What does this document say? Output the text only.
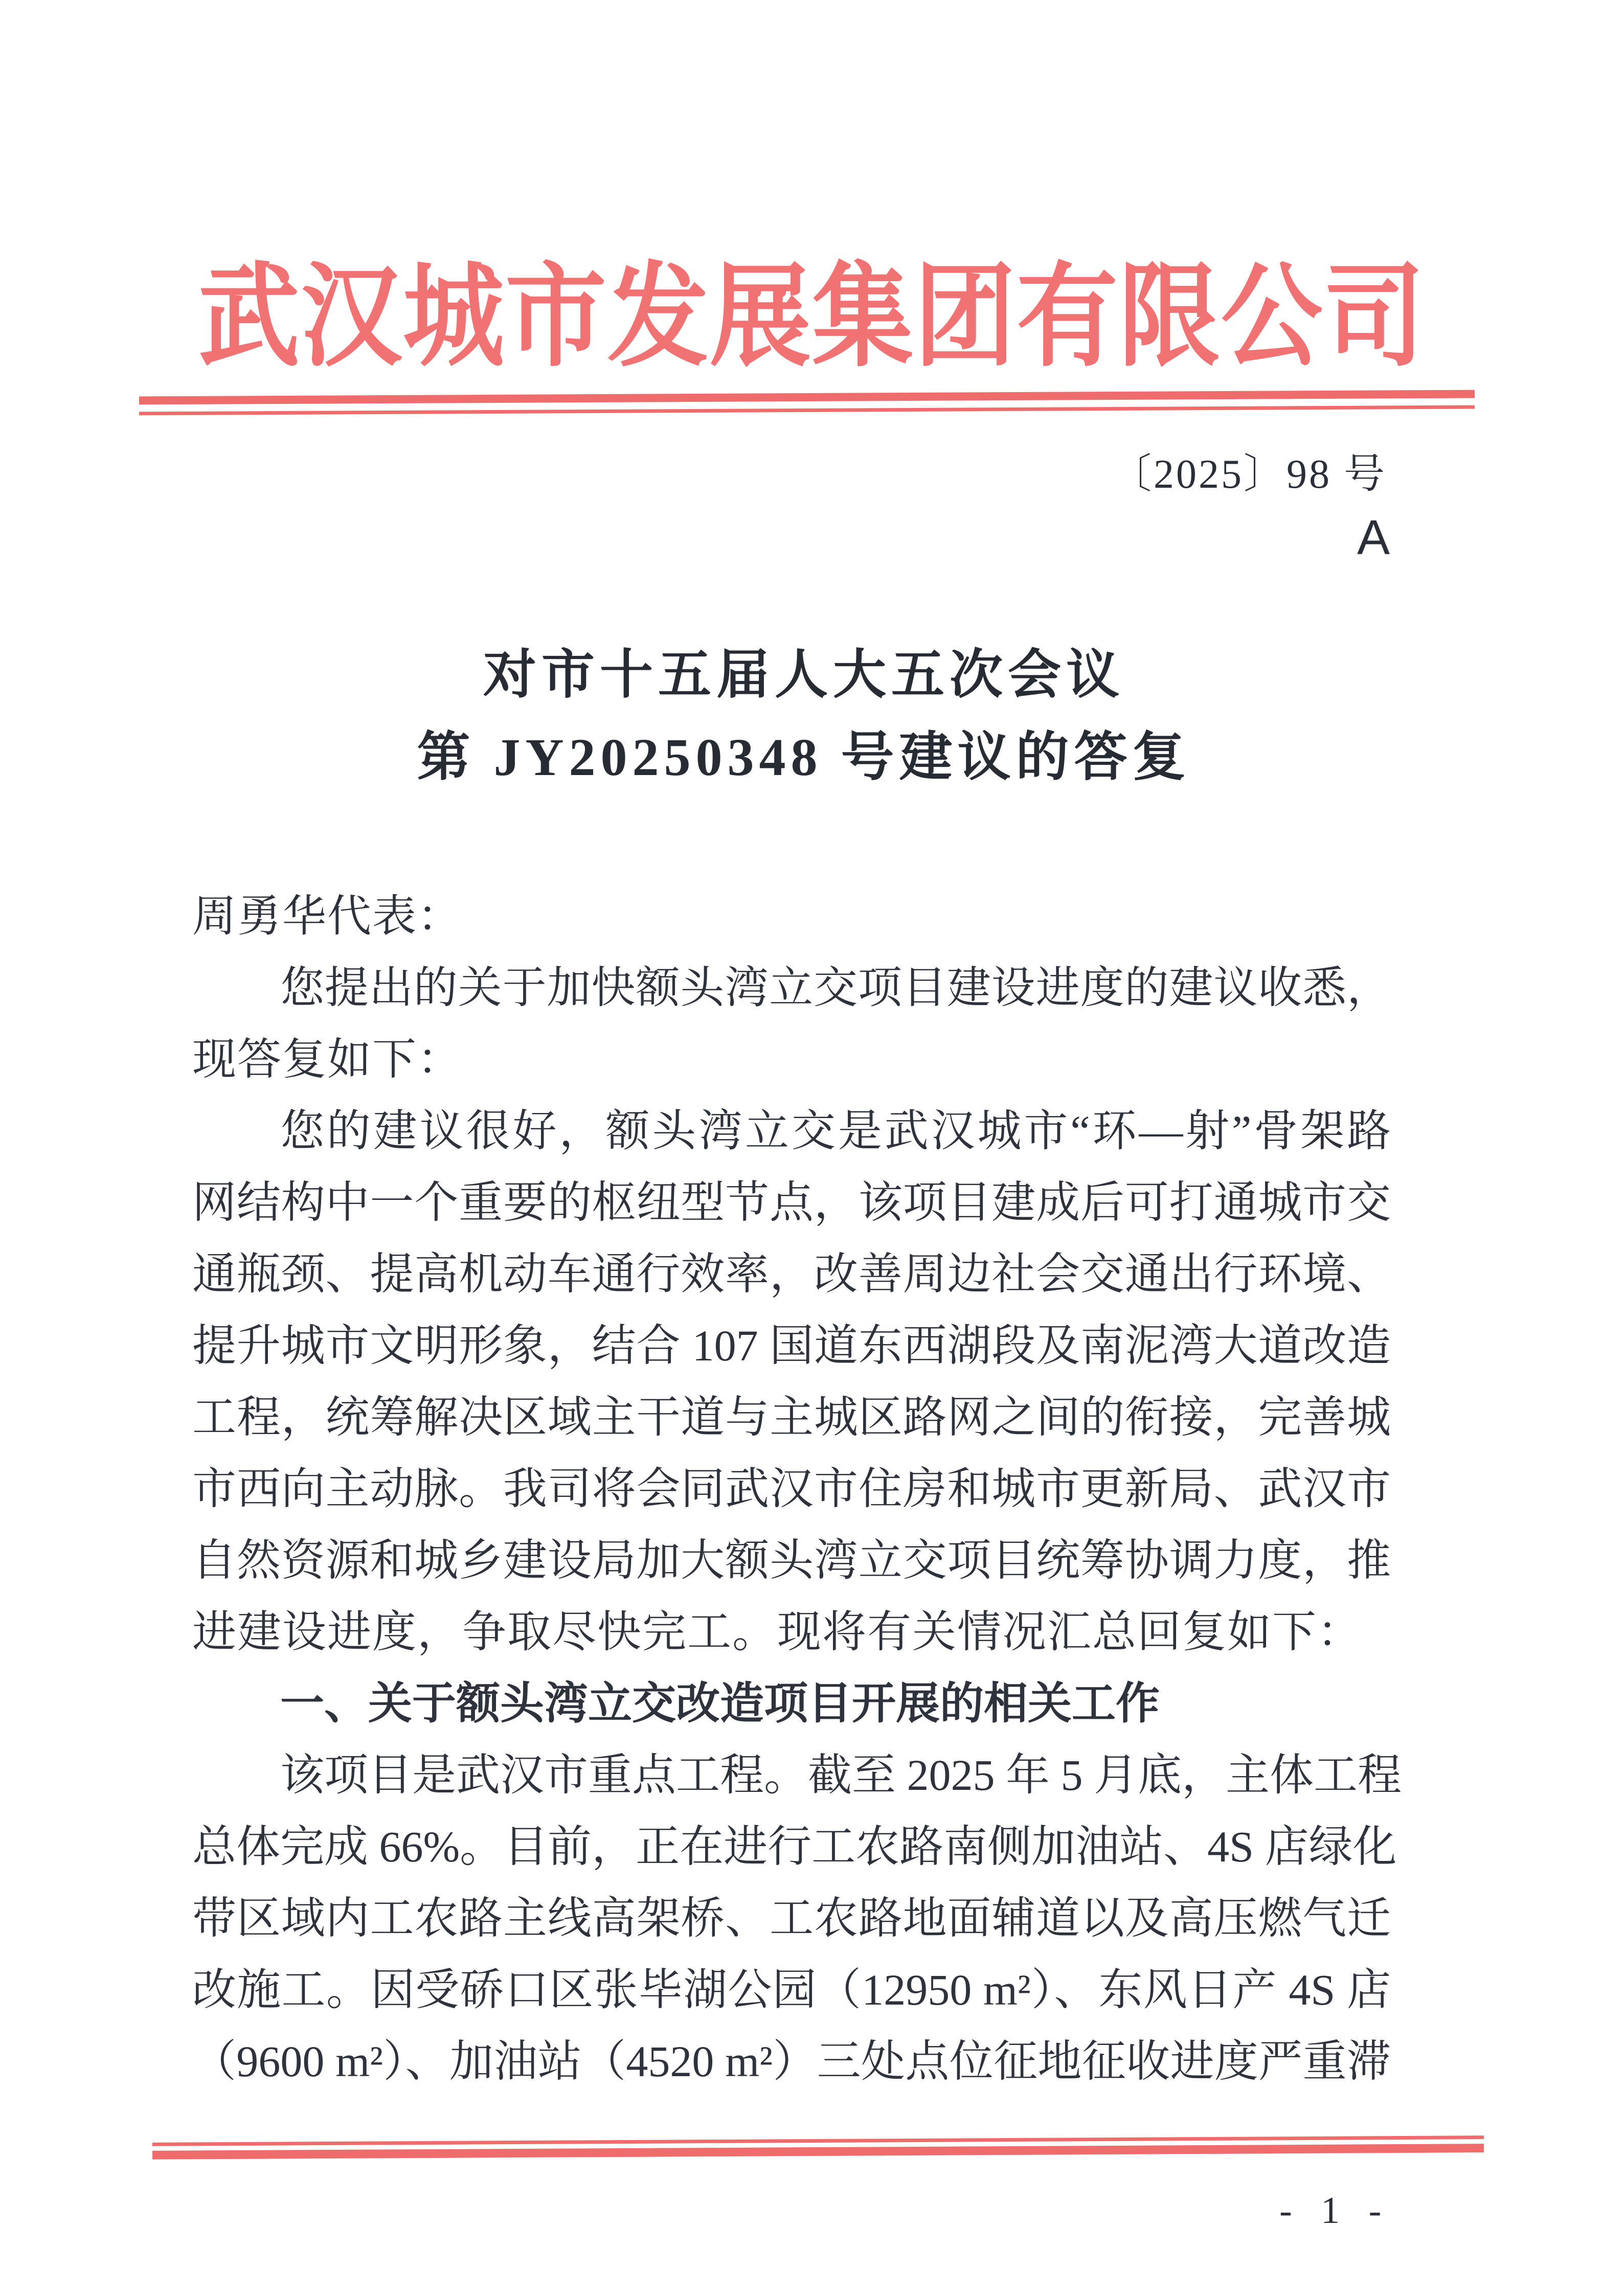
武汉城市发展集团有限公司
〔2025〕98 号
A
对市十五届人大五次会议
第 JY20250348 号建议的答复
周勇华代表：
您提出的关于加快额头湾立交项目建设进度的建议收悉，
现答复如下：
您的建议很好，额头湾立交是武汉城市“环—射”骨架路
网结构中一个重要的枢纽型节点，该项目建成后可打通城市交
通瓶颈、提高机动车通行效率，改善周边社会交通出行环境、
提升城市文明形象，结合 107 国道东西湖段及南泥湾大道改造
工程，统筹解决区域主干道与主城区路网之间的衔接，完善城
市西向主动脉。我司将会同武汉市住房和城市更新局、武汉市
自然资源和城乡建设局加大额头湾立交项目统筹协调力度，推
进建设进度，争取尽快完工。现将有关情况汇总回复如下：
一、关于额头湾立交改造项目开展的相关工作
该项目是武汉市重点工程。截至 2025 年 5 月底，主体工程
总体完成 66%。目前，正在进行工农路南侧加油站、4S 店绿化
带区域内工农路主线高架桥、工农路地面辅道以及高压燃气迁
改施工。因受硚口区张毕湖公园（12950 m²）、东风日产 4S 店
（9600 m²）、加油站（4520 m²）三处点位征地征收进度严重滞
- 1 -
